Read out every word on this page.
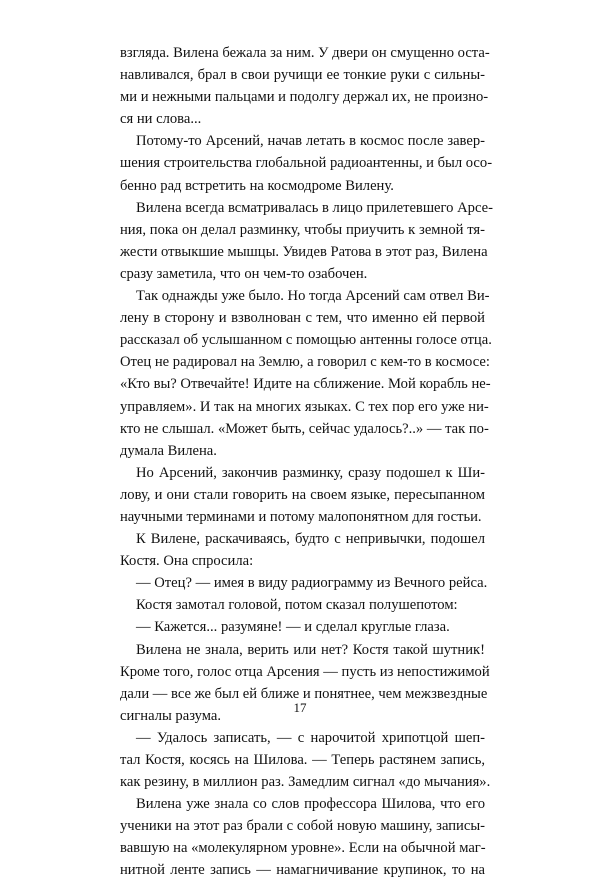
взгляда. Вилена бежала за ним. У двери он смущенно оста-
навливался, брал в свои ручищи ее тонкие руки с сильны-
ми и нежными пальцами и подолгу держал их, не произно-
ся ни слова...
Потому-то Арсений, начав летать в космос после завер-
шения строительства глобальной радиоантенны, и был осо-
бенно рад встретить на космодроме Вилену.
Вилена всегда всматривалась в лицо прилетевшего Арсе-
ния, пока он делал разминку, чтобы приучить к земной тя-
жести отвыкшие мышцы. Увидев Ратова в этот раз, Вилена
сразу заметила, что он чем-то озабочен.
Так однажды уже было. Но тогда Арсений сам отвел Ви-
лену в сторону и взволнован с тем, что именно ей первой
рассказал об услышанном с помощью антенны голосе отца.
Отец не радировал на Землю, а говорил с кем-то в космосе:
«Кто вы? Отвечайте! Идите на сближение. Мой корабль не-
управляем». И так на многих языках. С тех пор его уже ни-
кто не слышал. «Может быть, сейчас удалось?..» — так по-
думала Вилена.
Но Арсений, закончив разминку, сразу подошел к Ши-
лову, и они стали говорить на своем языке, пересыпанном
научными терминами и потому малопонятном для гостьи.
К Вилене, раскачиваясь, будто с непривычки, подошел
Костя. Она спросила:
— Отец? — имея в виду радиограмму из Вечного рейса.
Костя замотал головой, потом сказал полушепотом:
— Кажется... разумяне! — и сделал круглые глаза.
Вилена не знала, верить или нет? Костя такой шутник!
Кроме того, голос отца Арсения — пусть из непостижимой
дали — все же был ей ближе и понятнее, чем межзвездные
сигналы разума.
— Удалось записать, — с нарочитой хрипотцой шеп-
тал Костя, косясь на Шилова. — Теперь растянем запись,
как резину, в миллион раз. Замедлим сигнал «до мычания».
Вилена уже знала со слов профессора Шилова, что его
ученики на этот раз брали с собой новую машину, записы-
вавшую на «молекулярном уровне». Если на обычной маг-
нитной ленте запись — намагничивание крупинок, то на
17
